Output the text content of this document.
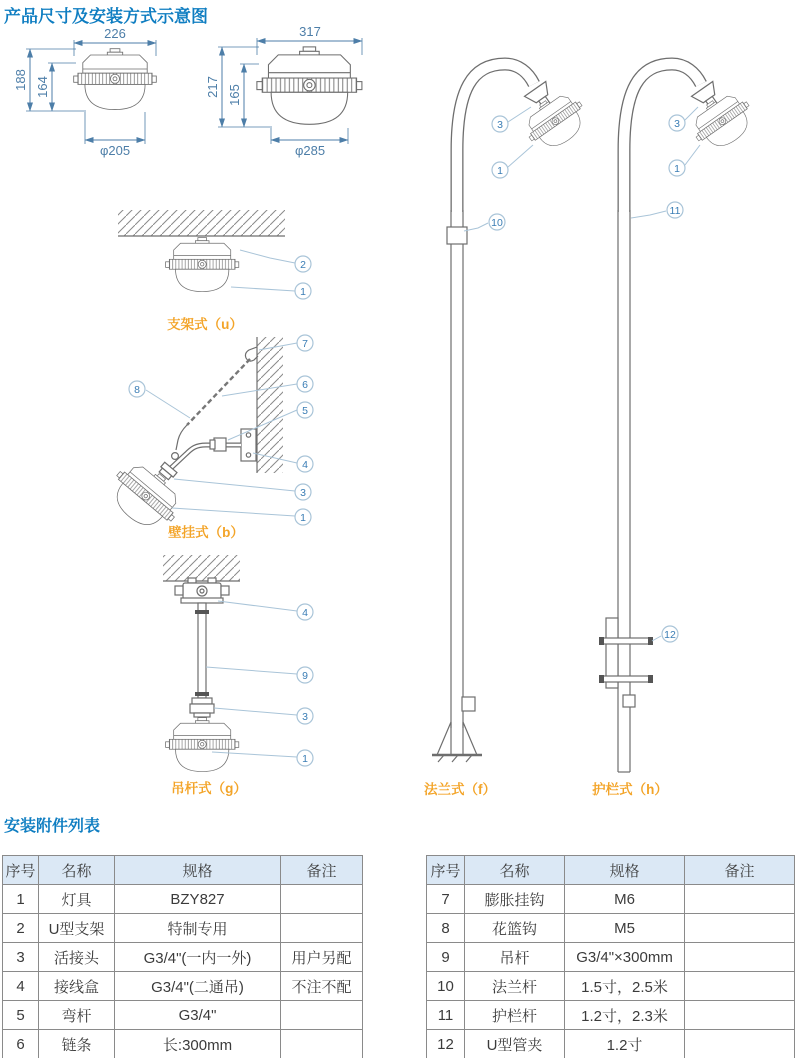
产品尺寸及安装方式示意图
226
188 164
φ205
317
217 165
φ285
2
1
支架式（u）
7
8	6
5
4
3
1
壁挂式（b）
4
9
3
1
吊杆式（g）
3
1
10
法兰式（f）
3
1
11
12
护栏式（h）
安装附件列表
序号	名称	规格	备注
1	灯具	BZY827	
2	U型支架	特制专用	
3	活接头	G3/4"(一内一外)	用户另配
4	接线盒	G3/4"(二通吊)	不注不配
5	弯杆	G3/4"	
6	链条	长:300mm	
序号	名称	规格	备注
7	膨胀挂钩	M6	
8	花篮钩	M5	
9	吊杆	G3/4"×300mm	
10	法兰杆	1.5寸，2.5米	
11	护栏杆	1.2寸，2.3米	
12	U型管夹	1.2寸	
